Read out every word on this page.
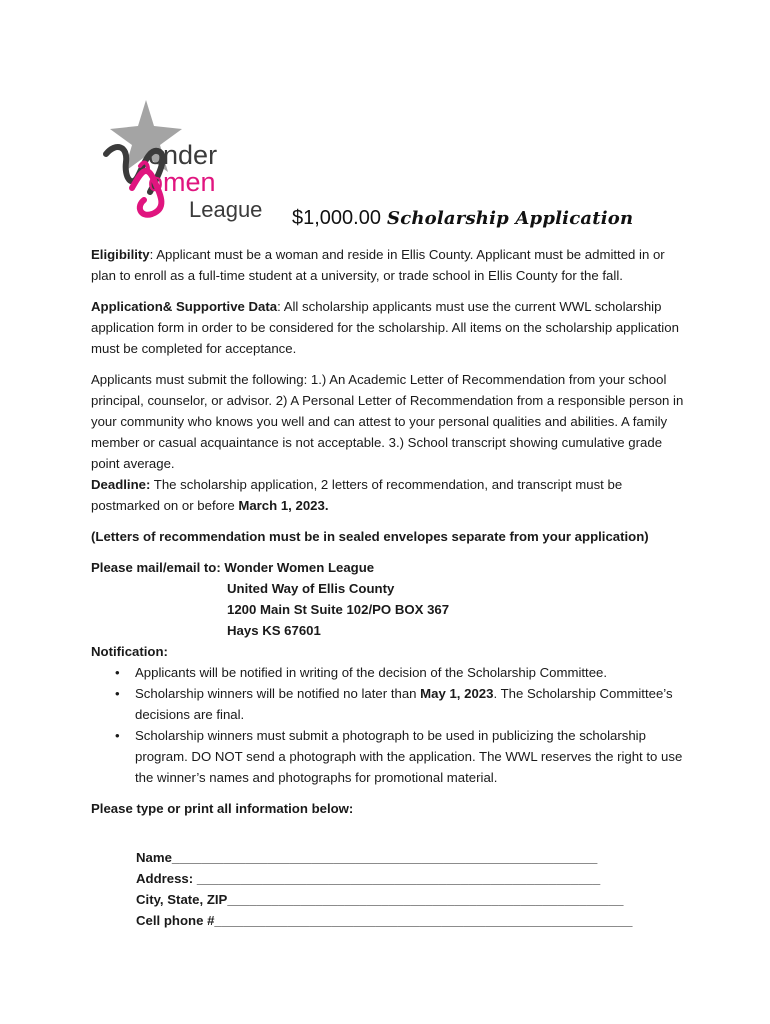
onder
omen
League $1,000.00 Scholarship Application

Eligibility: Applicant must be a woman and reside in Ellis County. Applicant must be admitted in or plan to enroll as a full-time student at a university, or trade school in Ellis County for the fall.

Application& Supportive Data: All scholarship applicants must use the current WWL scholarship application form in order to be considered for the scholarship. All items on the scholarship application must be completed for acceptance.

Applicants must submit the following: 1.) An Academic Letter of Recommendation from your school principal, counselor, or advisor. 2) A Personal Letter of Recommendation from a responsible person in your community who knows you well and can attest to your personal qualities and abilities. A family member or casual acquaintance is not acceptable. 3.) School transcript showing cumulative grade point average.

Deadline: The scholarship application, 2 letters of recommendation, and transcript must be postmarked on or before March 1, 2023.

(Letters of recommendation must be in sealed envelopes separate from your application)

Please mail/email to: Wonder Women League
United Way of Ellis County
1200 Main St Suite 102/PO BOX 367
Hays KS 67601
Notification:
• Applicants will be notified in writing of the decision of the Scholarship Committee.
• Scholarship winners will be notified no later than May 1, 2023. The Scholarship Committee’s decisions are final.
• Scholarship winners must submit a photograph to be used in publicizing the scholarship program. DO NOT send a photograph with the application. The WWL reserves the right to use the winner’s names and photographs for promotional material.
Please type or print all information below:
Name__________________________________________________________
Address: _______________________________________________________
City, State, ZIP______________________________________________________
Cell phone #_________________________________________________________
